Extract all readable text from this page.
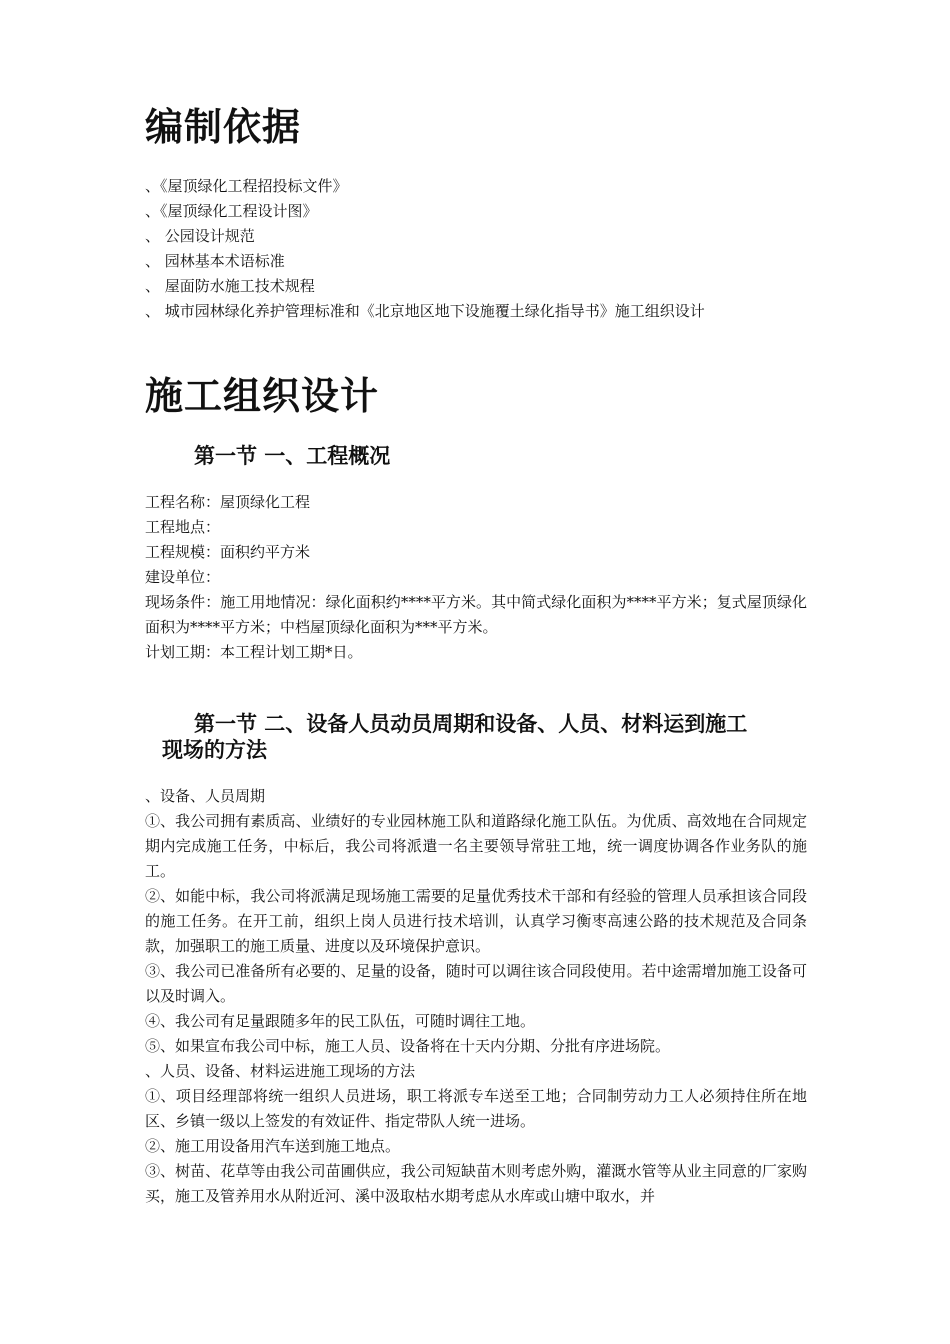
编制依据
、《屋顶绿化工程招投标文件》
、《屋顶绿化工程设计图》
、 公园设计规范
、 园林基本术语标准
、 屋面防水施工技术规程
、 城市园林绿化养护管理标准和《北京地区地下设施覆土绿化指导书》施工组织设计
施工组织设计
第一节 一、工程概况
工程名称：屋顶绿化工程
工程地点：
工程规模：面积约平方米
建设单位：
现场条件：施工用地情况：绿化面积约****平方米。其中简式绿化面积为****平方米；复式屋顶绿化面积为****平方米；中档屋顶绿化面积为***平方米。
计划工期：本工程计划工期*日。
第一节 二、设备人员动员周期和设备、人员、材料运到施工
现场的方法
、设备、人员周期
①、我公司拥有素质高、业绩好的专业园林施工队和道路绿化施工队伍。为优质、高效地在合同规定期内完成施工任务，中标后，我公司将派遣一名主要领导常驻工地，统一调度协调各作业务队的施工。
②、如能中标，我公司将派满足现场施工需要的足量优秀技术干部和有经验的管理人员承担该合同段的施工任务。在开工前，组织上岗人员进行技术培训，认真学习衡枣高速公路的技术规范及合同条款，加强职工的施工质量、进度以及环境保护意识。
③、我公司已准备所有必要的、足量的设备，随时可以调往该合同段使用。若中途需增加施工设备可以及时调入。
④、我公司有足量跟随多年的民工队伍，可随时调往工地。
⑤、如果宣布我公司中标，施工人员、设备将在十天内分期、分批有序进场院。
、人员、设备、材料运进施工现场的方法
①、项目经理部将统一组织人员进场，职工将派专车送至工地；合同制劳动力工人必须持住所在地区、乡镇一级以上签发的有效证件、指定带队人统一进场。
②、施工用设备用汽车送到施工地点。
③、树苗、花草等由我公司苗圃供应，我公司短缺苗木则考虑外购，灌溉水管等从业主同意的厂家购买，施工及管养用水从附近河、溪中汲取枯水期考虑从水库或山塘中取水，并
